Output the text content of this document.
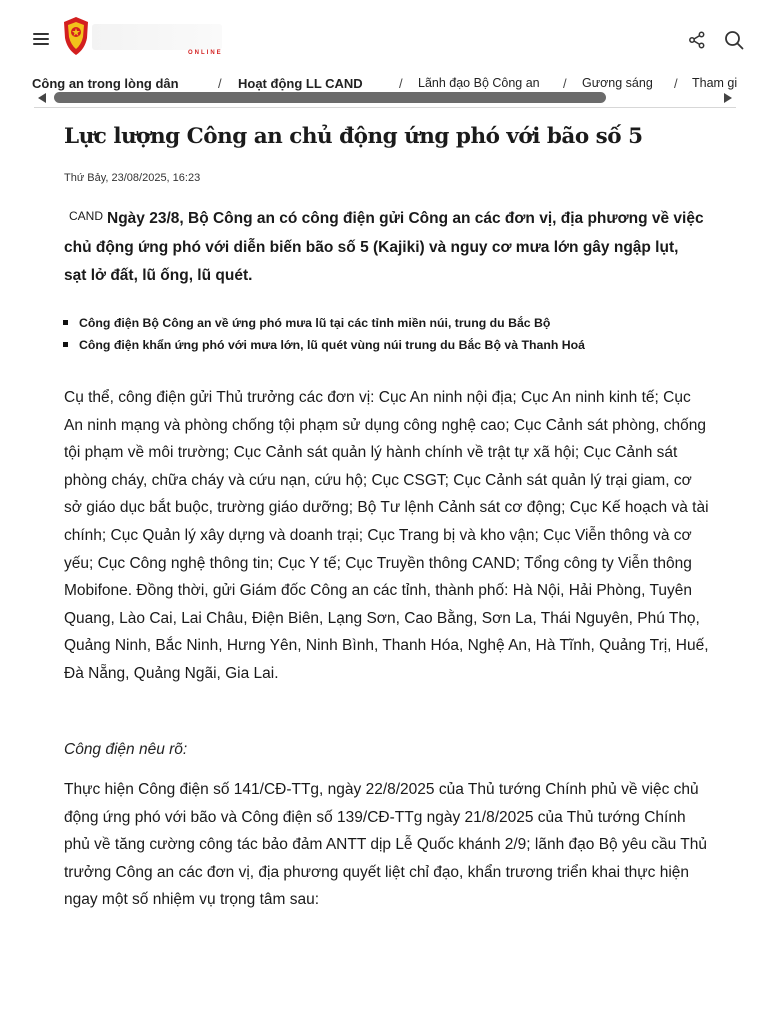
ONLINE
Công an trong lòng dân	/ Hoạt động LL CAND	/ Lãnh đạo Bộ Công an / Gương sáng / Tham gi
Lực lượng Công an chủ động ứng phó với bão số 5
Thứ Bảy, 23/08/2025, 16:23

CAND Ngày 23/8, Bộ Công an có công điện gửi Công an các đơn vị, địa phương về việc chủ động ứng phó với diễn biến bão số 5 (Kajiki) và nguy cơ mưa lớn gây ngập lụt, sạt lở đất, lũ ống, lũ quét.

Công điện Bộ Công an về ứng phó mưa lũ tại các tỉnh miền núi, trung du Bắc Bộ
Công điện khẩn ứng phó với mưa lớn, lũ quét vùng núi trung du Bắc Bộ và Thanh Hoá

Cụ thể, công điện gửi Thủ trưởng các đơn vị: Cục An ninh nội địa; Cục An ninh kinh tế; Cục An ninh mạng và phòng chống tội phạm sử dụng công nghệ cao; Cục Cảnh sát phòng, chống tội phạm về môi trường; Cục Cảnh sát quản lý hành chính về trật tự xã hội; Cục Cảnh sát phòng cháy, chữa cháy và cứu nạn, cứu hộ; Cục CSGT; Cục Cảnh sát quản lý trại giam, cơ sở giáo dục bắt buộc, trường giáo dưỡng; Bộ Tư lệnh Cảnh sát cơ động; Cục Kế hoạch và tài chính; Cục Quản lý xây dựng và doanh trại; Cục Trang bị và kho vận; Cục Viễn thông và cơ yếu; Cục Công nghệ thông tin; Cục Y tế; Cục Truyền thông CAND; Tổng công ty Viễn thông Mobifone. Đồng thời, gửi Giám đốc Công an các tỉnh, thành phố: Hà Nội, Hải Phòng, Tuyên Quang, Lào Cai, Lai Châu, Điện Biên, Lạng Sơn, Cao Bằng, Sơn La, Thái Nguyên, Phú Thọ, Quảng Ninh, Bắc Ninh, Hưng Yên, Ninh Bình, Thanh Hóa, Nghệ An, Hà Tĩnh, Quảng Trị, Huế, Đà Nẵng, Quảng Ngãi, Gia Lai.

Công điện nêu rõ:

Thực hiện Công điện số 141/CĐ-TTg, ngày 22/8/2025 của Thủ tướng Chính phủ về việc chủ động ứng phó với bão và Công điện số 139/CĐ-TTg ngày 21/8/2025 của Thủ tướng Chính phủ về tăng cường công tác bảo đảm ANTT dịp Lễ Quốc khánh 2/9; lãnh đạo Bộ yêu cầu Thủ trưởng Công an các đơn vị, địa phương quyết liệt chỉ đạo, khẩn trương triển khai thực hiện ngay một số nhiệm vụ trọng tâm sau:
